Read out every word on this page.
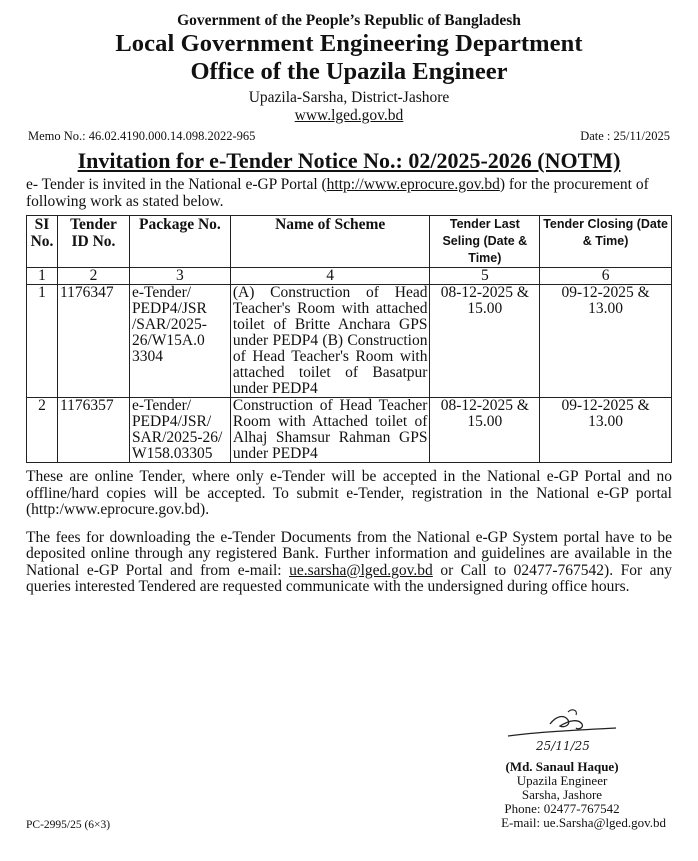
Government of the People’s Republic of Bangladesh
Local Government Engineering Department
Office of the Upazila Engineer
Upazila-Sarsha, District-Jashore
www.lged.gov.bd
Memo No.: 46.02.4190.000.14.098.2022-965	Date : 25/11/2025
Invitation for e-Tender Notice No.: 02/2025-2026 (NOTM)
e- Tender is invited in the National e-GP Portal (http://www.eprocure.gov.bd) for the procurement of following work as stated below.
SI No.	Tender ID No.	Package No.	Name of Scheme	Tender Last Seling (Date & Time)	Tender Closing (Date & Time)
1	2	3	4	5	6
1	1176347	e-Tender/ PEDP4/JSR /SAR/2025-26/W15A.0 3304	(A) Construction of Head Teacher's Room with attached toilet of Britte Anchara GPS under PEDP4 (B) Construction of Head Teacher's Room with attached toilet of Basatpur under PEDP4	08-12-2025 & 15.00	09-12-2025 & 13.00
2	1176357	e-Tender/ PEDP4/JSR/ SAR/2025-26/ W158.03305	Construction of Head Teacher Room with Attached toilet of Alhaj Shamsur Rahman GPS under PEDP4	08-12-2025 & 15.00	09-12-2025 & 13.00

These are online Tender, where only e-Tender will be accepted in the National e-GP Portal and no offline/hard copies will be accepted. To submit e-Tender, registration in the National e-GP portal (http:/www.eprocure.gov.bd).

The fees for downloading the e-Tender Documents from the National e-GP System portal have to be deposited online through any registered Bank. Further information and guidelines are available in the National e-GP Portal and from e-mail: ue.sarsha@lged.gov.bd or Call to 02477-767542). For any queries interested Tendered are requested communicate with the undersigned during office hours.

25/11/25
(Md. Sanaul Haque)
Upazila Engineer
Sarsha, Jashore
Phone: 02477-767542
E-mail: ue.Sarsha@lged.gov.bd
PC-2995/25 (6×3)
